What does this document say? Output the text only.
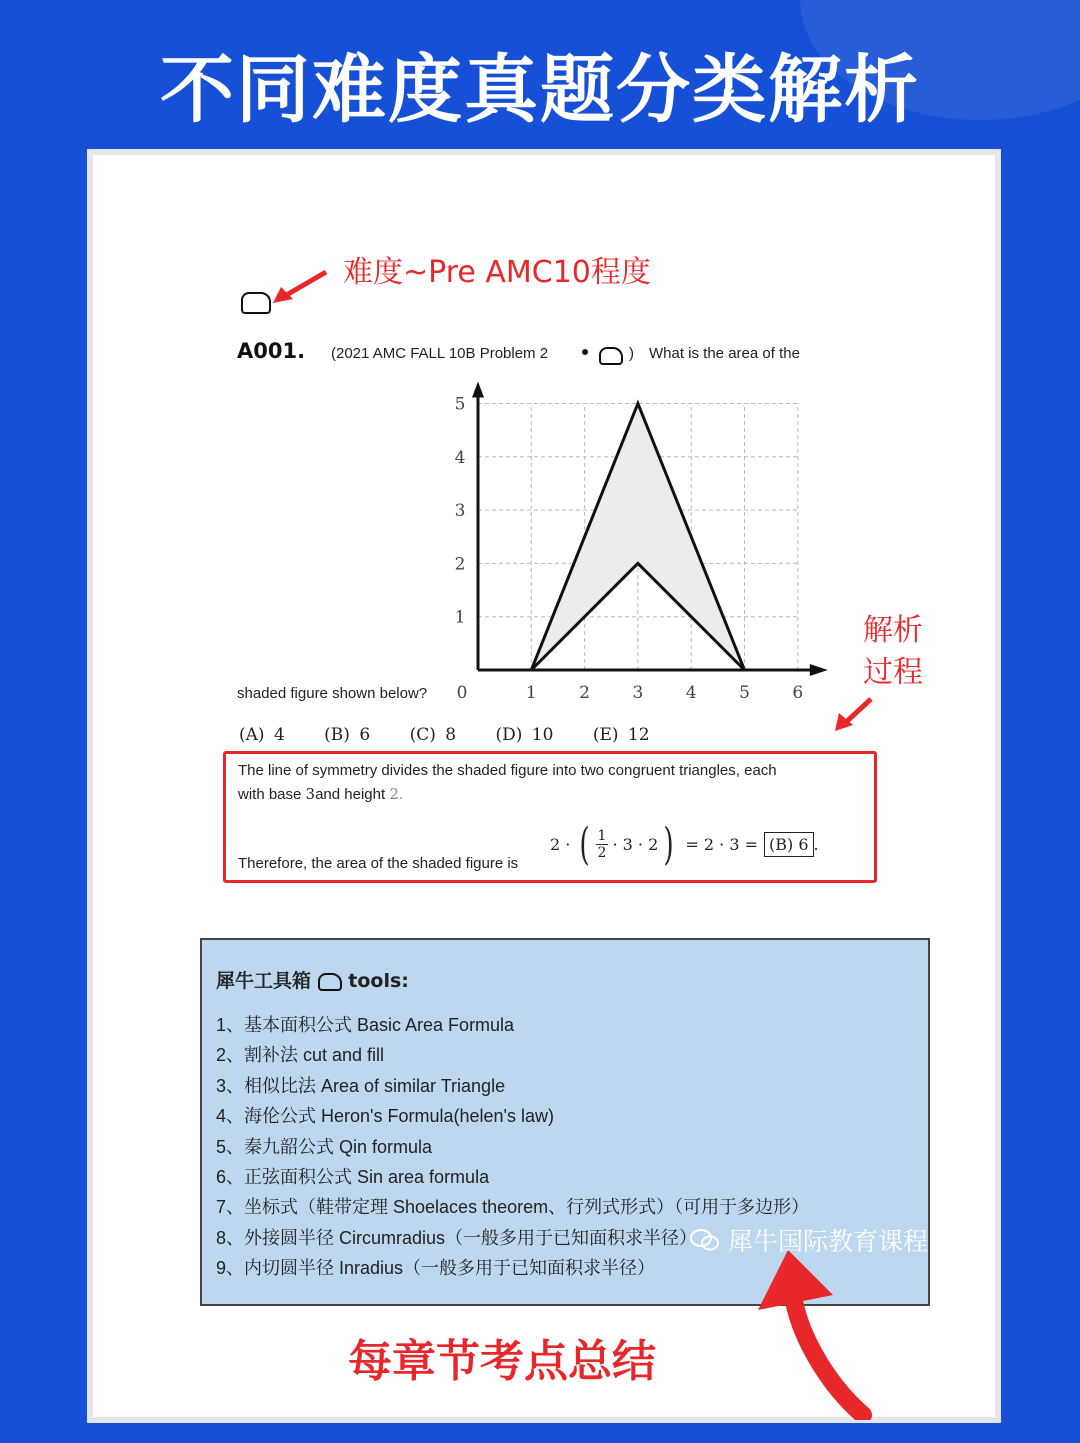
不同难度真题分类解析
难度~Pre AMC10程度
A001. (2021 AMC FALL 10B Problem 2	) What is the area of the
0	1 2 3 4 5 6
1
2
3
4
5
shaded figure shown below?
(A) 4 (B) 6 (C) 8 (D) 10 (E) 12
解析
过程
The line of symmetry divides the shaded figure into two congruent triangles, each
with base 3and height 2.
Therefore, the area of the shaded figure is
2 · ( $\frac{1}{2} \cdot 3 \cdot 2$ ) = 2 · 3 = (B) 6 .
犀牛工具箱 tools:
1、基本面积公式 Basic Area Formula
2、割补法 cut and fill
3、相似比法 Area of similar Triangle
4、海伦公式 Heron's Formula(helen's law)
5、秦九韶公式 Qin formula
6、正弦面积公式 Sin area formula
7、坐标式（鞋带定理 Shoelaces theorem、行列式形式）（可用于多边形）
8、外接圆半径 Circumradius（一般多用于已知面积求半径）
9、内切圆半径 Inradius（一般多用于已知面积求半径）
每章节考点总结
犀牛国际教育课程
